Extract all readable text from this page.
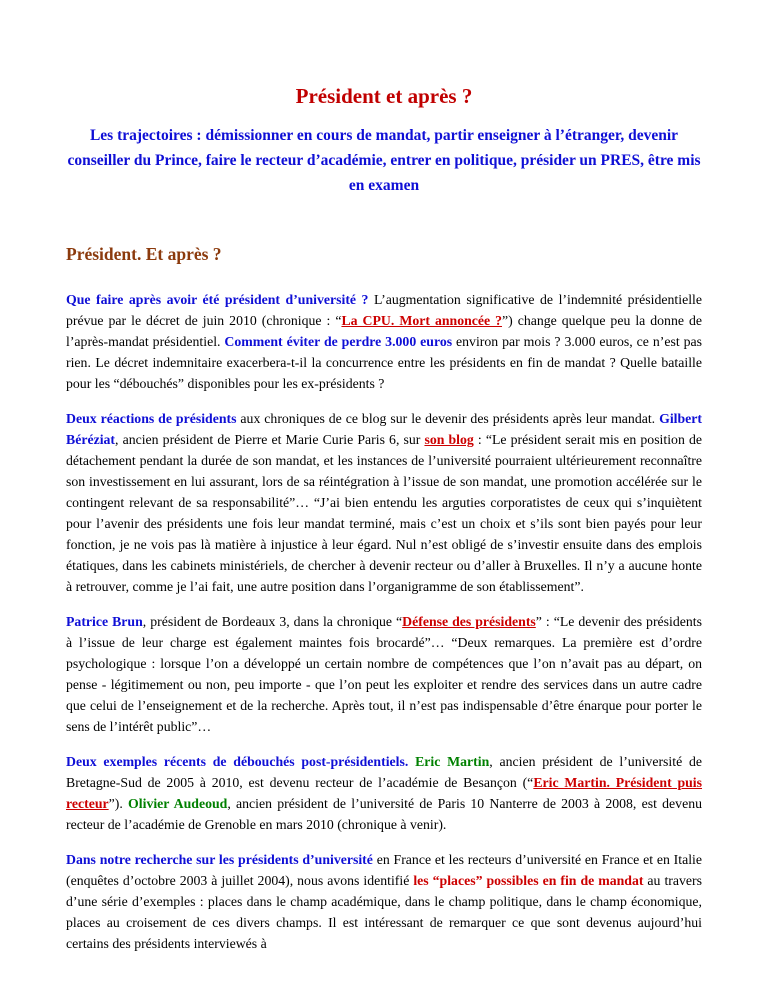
Président et après ?
Les trajectoires : démissionner en cours de mandat, partir enseigner à l’étranger, devenir conseiller du Prince, faire le recteur d’académie, entrer en politique, présider un PRES, être mis en examen
Président. Et après ?

Que faire après avoir été président d’université ? L’augmentation significative de l’indemnité présidentielle prévue par le décret de juin 2010 (chronique : “La CPU. Mort annoncée ?”) change quelque peu la donne de l’après-mandat présidentiel. Comment éviter de perdre 3.000 euros environ par mois ? 3.000 euros, ce n’est pas rien. Le décret indemnitaire exacerbera-t-il la concurrence entre les présidents en fin de mandat ? Quelle bataille pour les “débouchés” disponibles pour les ex-présidents ?

Deux réactions de présidents aux chroniques de ce blog sur le devenir des présidents après leur mandat. Gilbert Béréziat, ancien président de Pierre et Marie Curie Paris 6, sur son blog : “Le président serait mis en position de détachement pendant la durée de son mandat, et les instances de l’université pourraient ultérieurement reconnaître son investissement en lui assurant, lors de sa réintégration à l’issue de son mandat, une promotion accélérée sur le contingent relevant de sa responsabilité”… “J’ai bien entendu les arguties corporatistes de ceux qui s’inquiètent pour l’avenir des présidents une fois leur mandat terminé, mais c’est un choix et s’ils sont bien payés pour leur fonction, je ne vois pas là matière à injustice à leur égard. Nul n’est obligé de s’investir ensuite dans des emplois étatiques, dans les cabinets ministériels, de chercher à devenir recteur ou d’aller à Bruxelles. Il n’y a aucune honte à retrouver, comme je l’ai fait, une autre position dans l’organigramme de son établissement”.

Patrice Brun, président de Bordeaux 3, dans la chronique “Défense des présidents” : “Le devenir des présidents à l’issue de leur charge est également maintes fois brocardé”… “Deux remarques. La première est d’ordre psychologique : lorsque l’on a développé un certain nombre de compétences que l’on n’avait pas au départ, on pense - légitimement ou non, peu importe - que l’on peut les exploiter et rendre des services dans un autre cadre que celui de l’enseignement et de la recherche. Après tout, il n’est pas indispensable d’être énarque pour porter le sens de l’intérêt public”…

Deux exemples récents de débouchés post-présidentiels. Eric Martin, ancien président de l’université de Bretagne-Sud de 2005 à 2010, est devenu recteur de l’académie de Besançon (“Eric Martin. Président puis recteur”). Olivier Audeoud, ancien président de l’université de Paris 10 Nanterre de 2003 à 2008, est devenu recteur de l’académie de Grenoble en mars 2010 (chronique à venir).

Dans notre recherche sur les présidents d’université en France et les recteurs d’université en France et en Italie (enquêtes d’octobre 2003 à juillet 2004), nous avons identifié les “places” possibles en fin de mandat au travers d’une série d’exemples : places dans le champ académique, dans le champ politique, dans le champ économique, places au croisement de ces divers champs. Il est intéressant de remarquer ce que sont devenus aujourd’hui certains des présidents interviewés à
